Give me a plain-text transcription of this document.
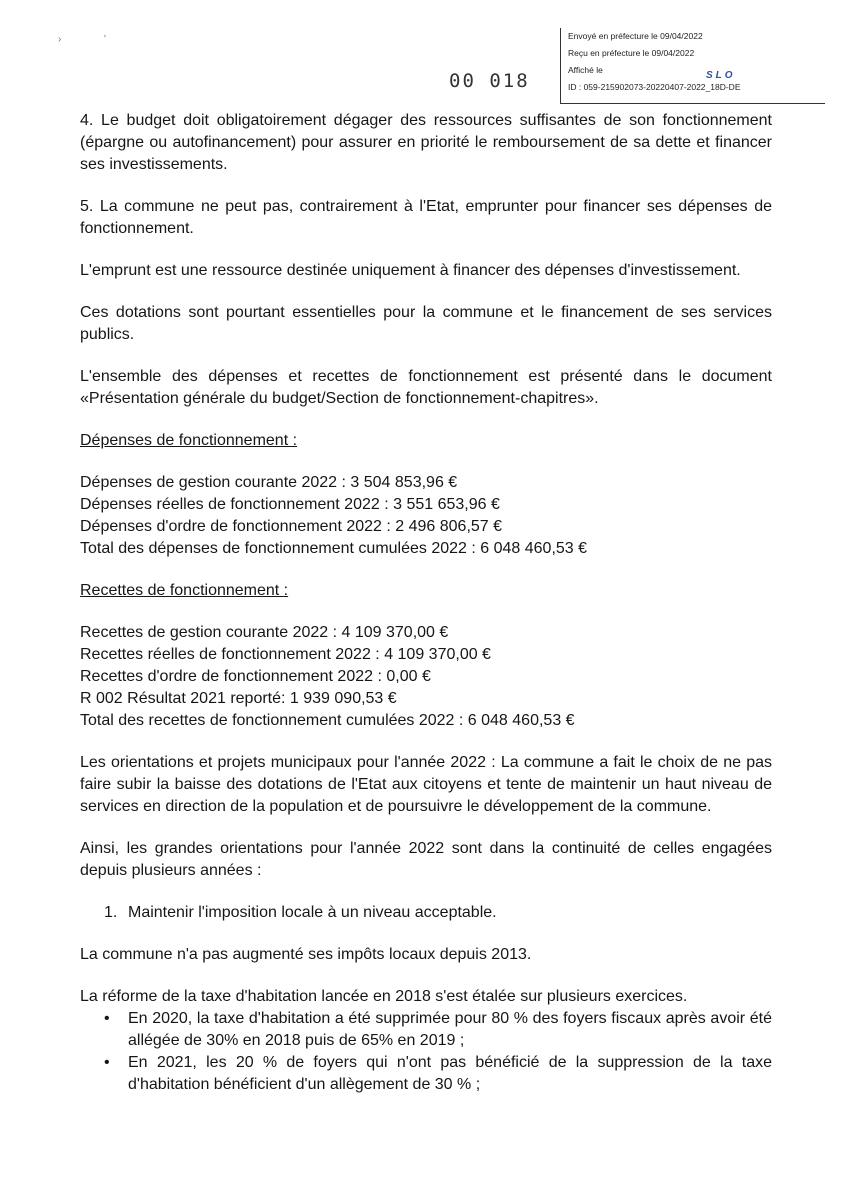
›	'	Envoyé en préfecture le 09/04/2022
Reçu en préfecture le 09/04/2022
Affiché le	SLO
ID : 059-215902073-20220407-2022_18D-DE
00 018

4. Le budget doit obligatoirement dégager des ressources suffisantes de son fonctionnement (épargne ou autofinancement) pour assurer en priorité le remboursement de sa dette et financer ses investissements.

5. La commune ne peut pas, contrairement à l'Etat, emprunter pour financer ses dépenses de fonctionnement.

L'emprunt est une ressource destinée uniquement à financer des dépenses d'investissement.

Ces dotations sont pourtant essentielles pour la commune et le financement de ses services publics.

L'ensemble des dépenses et recettes de fonctionnement est présenté dans le document «Présentation générale du budget/Section de fonctionnement-chapitres».

Dépenses de fonctionnement :

Dépenses de gestion courante 2022 : 3 504 853,96 €

Dépenses réelles de fonctionnement 2022 : 3 551 653,96 €

Dépenses d'ordre de fonctionnement 2022 : 2 496 806,57 €

Total des dépenses de fonctionnement cumulées 2022 : 6 048 460,53 €

Recettes de fonctionnement :

Recettes de gestion courante 2022 : 4 109 370,00 €

Recettes réelles de fonctionnement 2022 : 4 109 370,00 €

Recettes d'ordre de fonctionnement 2022 : 0,00 €

R 002 Résultat 2021 reporté: 1 939 090,53 €

Total des recettes de fonctionnement cumulées 2022 : 6 048 460,53 €

Les orientations et projets municipaux pour l'année 2022 : La commune a fait le choix de ne pas faire subir la baisse des dotations de l'Etat aux citoyens et tente de maintenir un haut niveau de services en direction de la population et de poursuivre le développement de la commune.

Ainsi, les grandes orientations pour l'année 2022 sont dans la continuité de celles engagées depuis plusieurs années :

1. Maintenir l'imposition locale à un niveau acceptable.

La commune n'a pas augmenté ses impôts locaux depuis 2013.

La réforme de la taxe d'habitation lancée en 2018 s'est étalée sur plusieurs exercices.

• En 2020, la taxe d'habitation a été supprimée pour 80 % des foyers fiscaux après avoir été allégée de 30% en 2018 puis de 65% en 2019 ;

• En 2021, les 20 % de foyers qui n'ont pas bénéficié de la suppression de la taxe d'habitation bénéficient d'un allègement de 30 % ;
